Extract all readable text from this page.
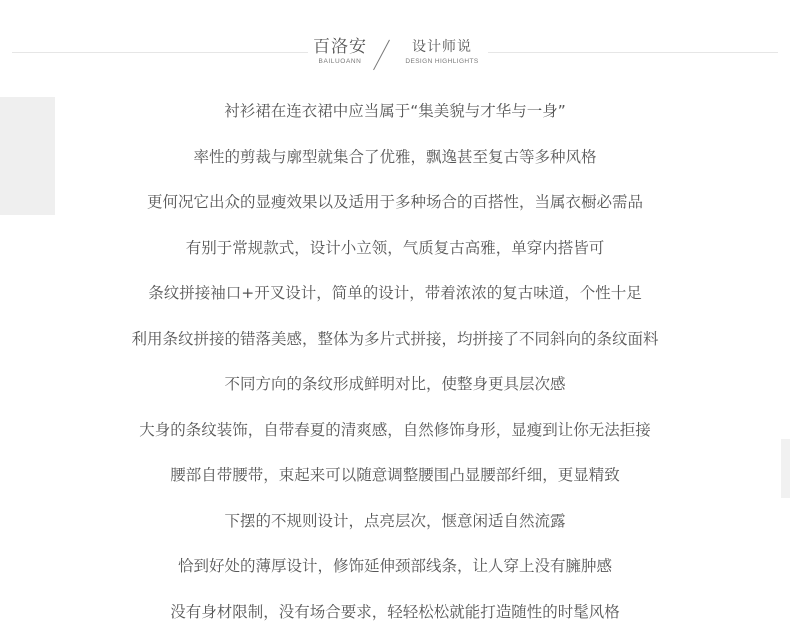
百洛安
BAILUOANN
设计师说
DESIGN HIGHLIGHTS
衬衫裙在连衣裙中应当属于“集美貌与才华与一身”
率性的剪裁与廓型就集合了优雅，飘逸甚至复古等多种风格
更何况它出众的显瘦效果以及适用于多种场合的百搭性，当属衣橱必需品
有别于常规款式，设计小立领，气质复古高雅，单穿内搭皆可
条纹拼接袖口+开叉设计，简单的设计，带着浓浓的复古味道，个性十足
利用条纹拼接的错落美感，整体为多片式拼接，均拼接了不同斜向的条纹面料
不同方向的条纹形成鲜明对比，使整身更具层次感
大身的条纹装饰，自带春夏的清爽感，自然修饰身形，显瘦到让你无法拒接
腰部自带腰带，束起来可以随意调整腰围凸显腰部纤细，更显精致
下摆的不规则设计，点亮层次，惬意闲适自然流露
恰到好处的薄厚设计，修饰延伸颈部线条，让人穿上没有臃肿感
没有身材限制，没有场合要求，轻轻松松就能打造随性的时髦风格
